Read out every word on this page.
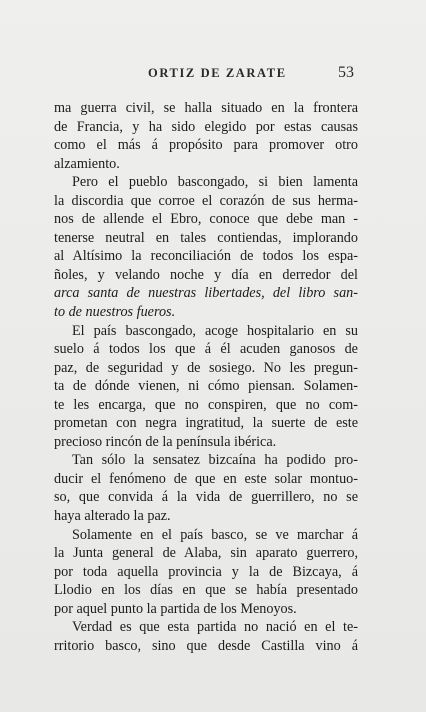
ORTIZ DE ZARATE	53
ma guerra civil, se halla situado en la frontera
de Francia, y ha sido elegido por estas causas
como el más á propósito para promover otro
alzamiento.
Pero el pueblo bascongado, si bien lamenta
la discordia que corroe el corazón de sus herma-
nos de allende el Ebro, conoce que debe man -
tenerse neutral en tales contiendas, implorando
al Altísimo la reconciliación de todos los espa-
ñoles, y velando noche y día en derredor del
arca santa de nuestras libertades, del libro san-
to de nuestros fueros.
El país bascongado, acoge hospitalario en su
suelo á todos los que á él acuden ganosos de
paz, de seguridad y de sosiego. No les pregun-
ta de dónde vienen, ni cómo piensan. Solamen-
te les encarga, que no conspiren, que no com-
prometan con negra ingratitud, la suerte de este
precioso rincón de la península ibérica.
Tan sólo la sensatez bizcaína ha podido pro-
ducir el fenómeno de que en este solar montuo-
so, que convida á la vida de guerrillero, no se
haya alterado la paz.
Solamente en el país basco, se ve marchar á
la Junta general de Alaba, sin aparato guerrero,
por toda aquella provincia y la de Bizcaya, á
Llodio en los días en que se había presentado
por aquel punto la partida de los Menoyos.
Verdad es que esta partida no nació en el te-
rritorio basco, sino que desde Castilla vino á
